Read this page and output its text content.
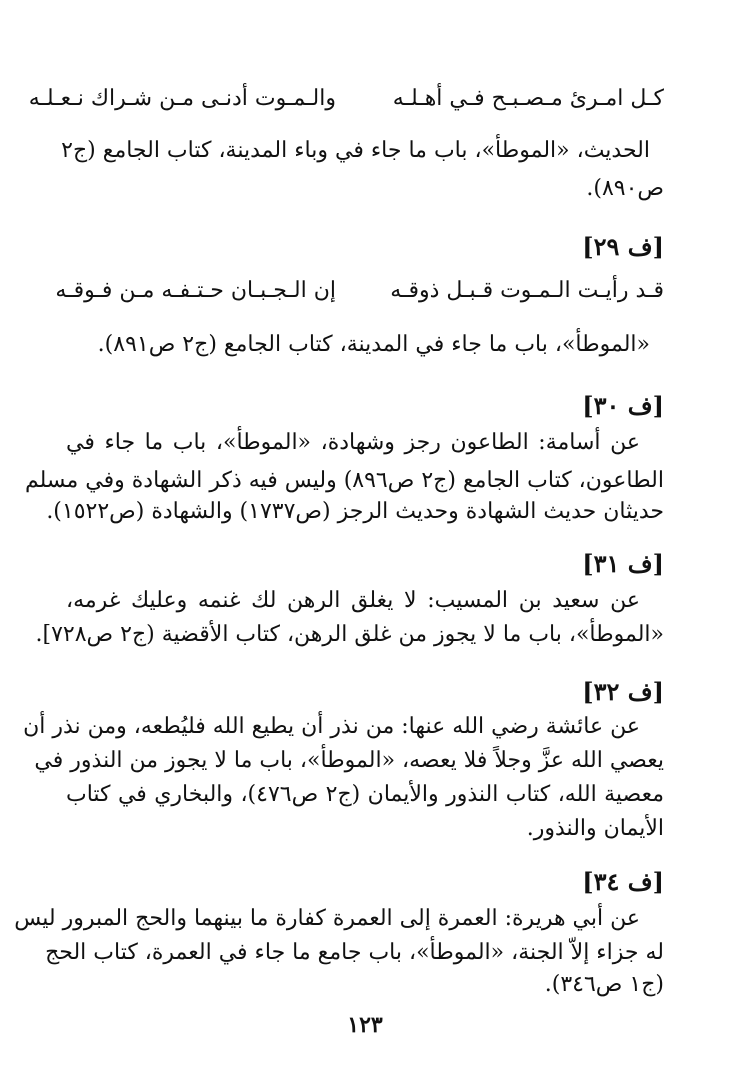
كـل امـرئ مـصـبـح فـي أهـلـه
والـمـوت أدنـى مـن شـراك نـعـلـه
الحديث، «الموطأ»، باب ما جاء في وباء المدينة، كتاب الجامع (ج٢
ص٨٩٠).
[ف ٢٩]
قـد رأيـت الـمـوت قـبـل ذوقـه
إن الـجـبـان حـتـفـه مـن فـوقـه
«الموطأ»، باب ما جاء في المدينة، كتاب الجامع (ج٢ ص٨٩١).
[ف ٣٠]
عن أسامة: الطاعون رجز وشهادة، «الموطأ»، باب ما جاء في
الطاعون، كتاب الجامع (ج٢ ص٨٩٦) وليس فيه ذكر الشهادة وفي مسلم
حديثان حديث الشهادة وحديث الرجز (ص١٧٣٧) والشهادة (ص١٥٢٢).
[ف ٣١]
عن سعيد بن المسيب: لا يغلق الرهن لك غنمه وعليك غرمه،
«الموطأ»، باب ما لا يجوز من غلق الرهن، كتاب الأقضية (ج٢ ص٧٢٨].
[ف ٣٢]
عن عائشة رضي الله عنها: من نذر أن يطيع الله فليُطعه، ومن نذر أن
يعصي الله عزَّ وجلاً فلا يعصه، «الموطأ»، باب ما لا يجوز من النذور في
معصية الله، كتاب النذور والأيمان (ج٢ ص٤٧٦)، والبخاري في كتاب
الأيمان والنذور.
[ف ٣٤]
عن أبي هريرة: العمرة إلى العمرة كفارة ما بينهما والحج المبرور ليس
له جزاء إلاّ الجنة، «الموطأ»، باب جامع ما جاء في العمرة، كتاب الحج
(ج١ ص٣٤٦).
١٢٣
